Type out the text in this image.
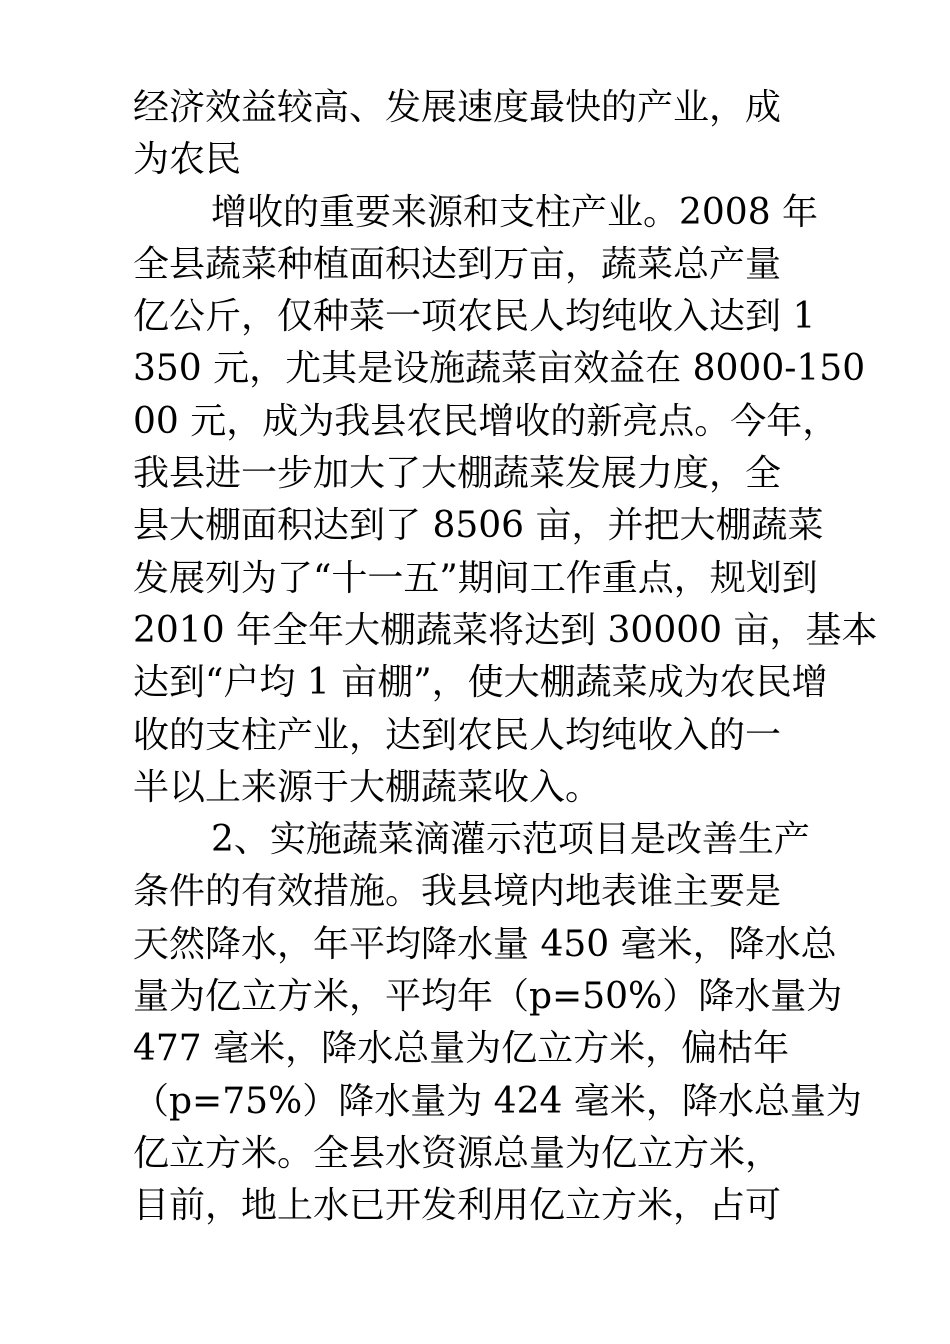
经济效益较高、发展速度最快的产业，成
为农民
增收的重要来源和支柱产业。2008 年
全县蔬菜种植面积达到万亩，蔬菜总产量
亿公斤，仅种菜一项农民人均纯收入达到 1
350 元，尤其是设施蔬菜亩效益在 8000-150
00 元，成为我县农民增收的新亮点。今年，
我县进一步加大了大棚蔬菜发展力度，全
县大棚面积达到了 8506 亩，并把大棚蔬菜
发展列为了“十一五”期间工作重点，规划到
2010 年全年大棚蔬菜将达到 30000 亩，基本
达到“户均 1 亩棚”，使大棚蔬菜成为农民增
收的支柱产业，达到农民人均纯收入的一
半以上来源于大棚蔬菜收入。
2、实施蔬菜滴灌示范项目是改善生产
条件的有效措施。我县境内地表谁主要是
天然降水，年平均降水量 450 毫米，降水总
量为亿立方米，平均年（p=50%）降水量为
477 毫米，降水总量为亿立方米，偏枯年
（p=75%）降水量为 424 毫米，降水总量为
亿立方米。全县水资源总量为亿立方米，
目前，地上水已开发利用亿立方米，占可
